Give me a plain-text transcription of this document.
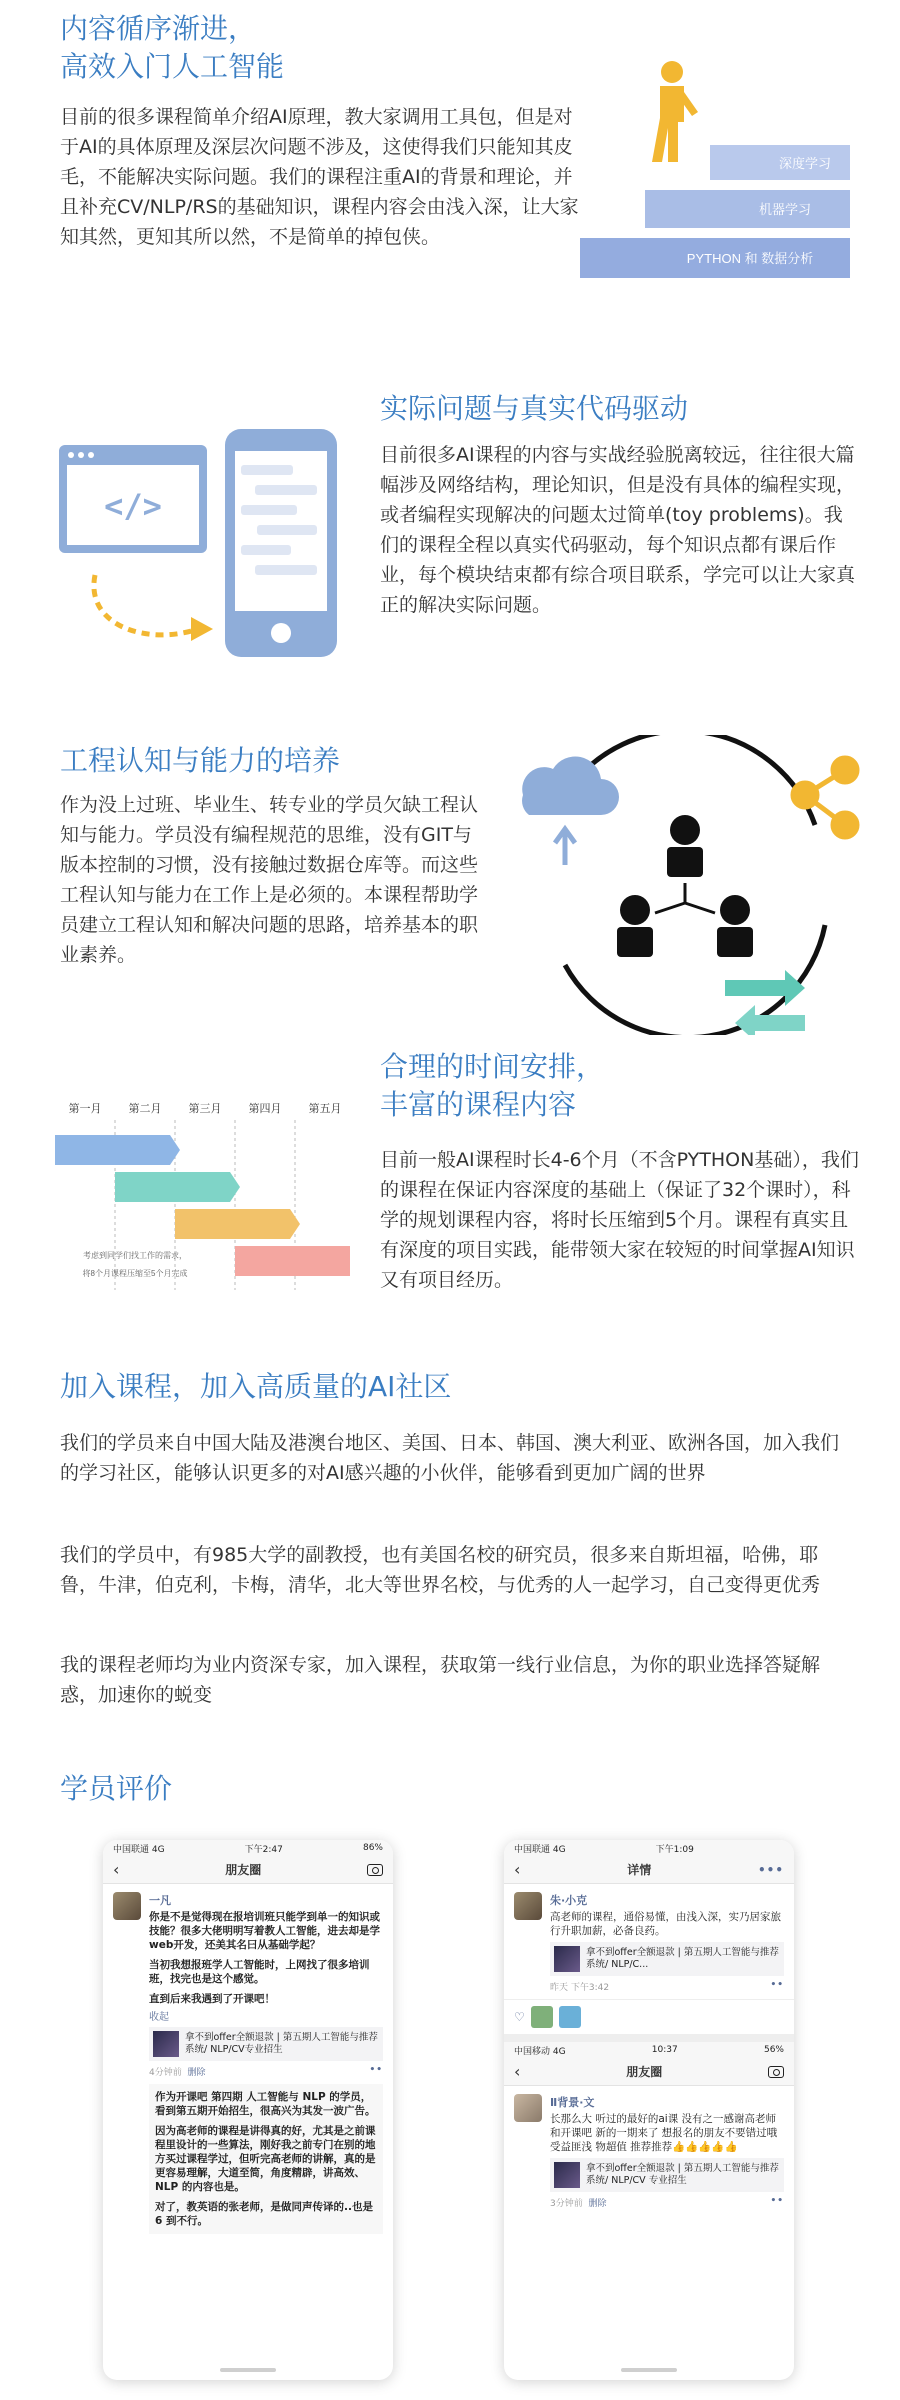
内容循序渐进，
高效入门人工智能

目前的很多课程简单介绍AI原理，教大家调用工具包，但是对于AI的具体原理及深层次问题不涉及，这使得我们只能知其皮毛，不能解决实际问题。我们的课程注重AI的背景和理论，并且补充CV/NLP/RS的基础知识，课程内容会由浅入深，让大家知其然，更知其所以然，不是简单的掉包侠。

深度学习
机器学习
PYTHON 和 数据分析
实际问题与真实代码驱动

目前很多AI课程的内容与实战经验脱离较远，往往很大篇幅涉及网络结构，理论知识，但是没有具体的编程实现，或者编程实现解决的问题太过简单(toy problems)。我们的课程全程以真实代码驱动，每个知识点都有课后作业，每个模块结束都有综合项目联系，学完可以让大家真正的解决实际问题。

</>
工程认知与能力的培养

作为没上过班、毕业生、转专业的学员欠缺工程认知与能力。学员没有编程规范的思维，没有GIT与版本控制的习惯，没有接触过数据仓库等。而这些工程认知与能力在工作上是必须的。本课程帮助学员建立工程认知和解决问题的思路，培养基本的职业素养。

合理的时间安排，
丰富的课程内容

目前一般AI课程时长4-6个月（不含PYTHON基础），我们的课程在保证内容深度的基础上（保证了32个课时），科学的规划课程内容，将时长压缩到5个月。课程有真实且有深度的项目实践，能带领大家在较短的时间掌握AI知识又有项目经历。

第一月 第二月 第三月 第四月 第五月
考虑到同学们找工作的需求，
将8个月课程压缩至5个月完成
加入课程，加入高质量的AI社区

我们的学员来自中国大陆及港澳台地区、美国、日本、韩国、澳大利亚、欧洲各国，加入我们的学习社区，能够认识更多的对AI感兴趣的小伙伴，能够看到更加广阔的世界

我们的学员中，有985大学的副教授，也有美国名校的研究员，很多来自斯坦福，哈佛，耶鲁，牛津，伯克利，卡梅，清华，北大等世界名校，与优秀的人一起学习，自己变得更优秀

我的课程老师均为业内资深专家，加入课程，获取第一线行业信息，为你的职业选择答疑解惑，加速你的蜕变

学员评价
中国联通 4G	下午2:47	86%
‹	朋友圈
一凡
你是不是觉得现在报培训班只能学到单一的知识或技能？很多大佬明明写着教人工智能，进去却是学web开发，还美其名曰从基础学起？
当初我想报班学人工智能时，上网找了很多培训班，找完也是这个感觉。
直到后来我遇到了开课吧！
收起
拿不到offer全额退款 | 第五期人工智能与推荐系统/ NLP/CV专业招生
4分钟前 删除	••
作为开课吧 第四期 人工智能与 NLP 的学员，看到第五期开始招生，很高兴为其发一波广告。
因为高老师的课程是讲得真的好，尤其是之前课程里设计的一些算法，刚好我之前专门在别的地方买过课程学过，但听完高老师的讲解，真的是更容易理解，大道至简，角度精辟，讲高效、NLP 的内容也是。
对了，教英语的张老师，是做同声传译的..也是 6 到不行。
中国联通 4G	下午1:09
‹	详情	•••
朱·小克
高老师的课程，通俗易懂，由浅入深，实乃居家旅行升职加薪，必备良药。
拿不到offer全额退款 | 第五期人工智能与推荐系统/ NLP/C...
昨天 下午3:42	••
♡
中国移动 4G	10:37	56%
‹	朋友圈
Ⅱ背景·文
长那么大 听过的最好的ai课 没有之一感谢高老师和开课吧 新的一期来了 想报名的朋友不要错过哦 受益匪浅 物超值 推荐推荐👍👍👍👍👍
拿不到offer全额退款 | 第五期人工智能与推荐系统/ NLP/CV 专业招生
3分钟前 删除	••
